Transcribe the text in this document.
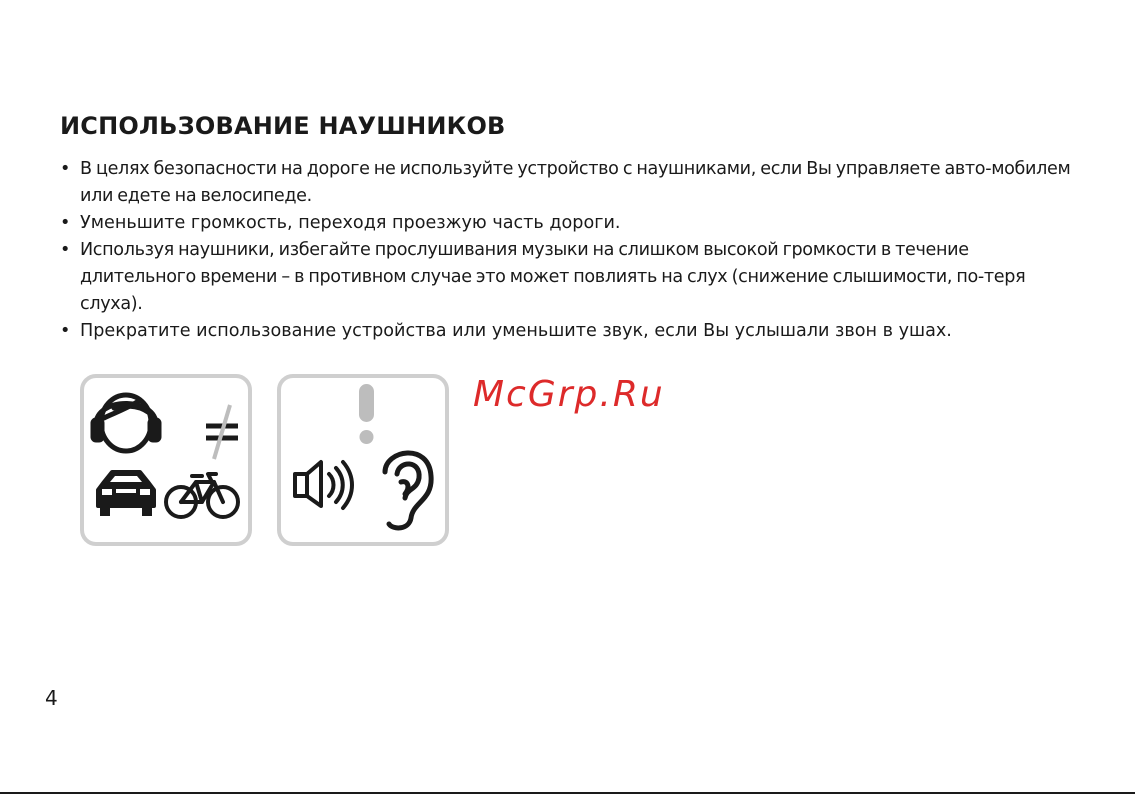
ИСПОЛЬЗОВАНИЕ НАУШНИКОВ
• В целях безопасности на дороге не используйте устройство с наушниками, если Вы управляете авто-мобилем или едете на велосипеде.
• Уменьшите громкость, переходя проезжую часть дороги.
• Используя наушники, избегайте прослушивания музыки на слишком высокой громкости в течение длительного времени – в противном случае это может повлиять на слух (снижение слышимости, по-теря слуха).
• Прекратите использование устройства или уменьшите звук, если Вы услышали звон в ушах.
McGrp.Ru
4
